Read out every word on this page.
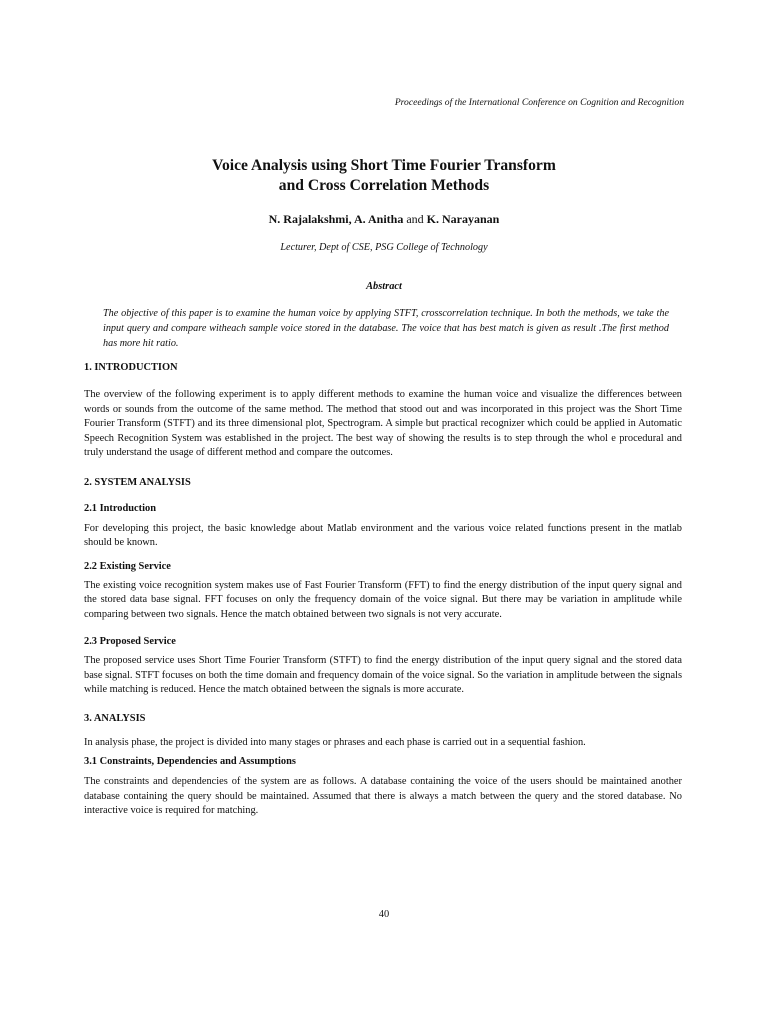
Proceedings of the International Conference on Cognition and Recognition
Voice Analysis using Short Time Fourier Transform
and Cross Correlation Methods
N. Rajalakshmi, A. Anitha and K. Narayanan
Lecturer, Dept of CSE, PSG College of Technology
Abstract
The objective of this paper is to examine the human voice by applying STFT, crosscorrelation technique. In both the methods, we take the input query and compare witheach sample voice stored in the database. The voice that has best match is given as result .The first method has more hit ratio.

1. INTRODUCTION

The overview of the following experiment is to apply different methods to examine the human voice and visualize the differences between words or sounds from the outcome of the same method. The method that stood out and was incorporated in this project was the Short Time Fourier Transform (STFT) and its three dimensional plot, Spectrogram. A simple but practical recognizer which could be applied in Automatic Speech Recognition System was established in the project. The best way of showing the results is to step through the whol e procedural and truly understand the usage of different method and compare the outcomes.

2. SYSTEM ANALYSIS

2.1 Introduction

For developing this project, the basic knowledge about Matlab environment and the various voice related functions present in the matlab should be known.

2.2 Existing Service

The existing voice recognition system makes use of Fast Fourier Transform (FFT) to find the energy distribution of the input query signal and the stored data base signal. FFT focuses on only the frequency domain of the voice signal. But there may be variation in amplitude while comparing between two signals. Hence the match obtained between two signals is not very accurate.

2.3 Proposed Service

The proposed service uses Short Time Fourier Transform (STFT) to find the energy distribution of the input query signal and the stored data base signal. STFT focuses on both the time domain and frequency domain of the voice signal. So the variation in amplitude between the signals while matching is reduced. Hence the match obtained between the signals is more accurate.

3. ANALYSIS

In analysis phase, the project is divided into many stages or phrases and each phase is carried out in a sequential fashion.

3.1 Constraints, Dependencies and Assumptions

The constraints and dependencies of the system are as follows. A database containing the voice of the users should be maintained another database containing the query should be maintained. Assumed that there is always a match between the query and the stored database. No interactive voice is required for matching.

40
